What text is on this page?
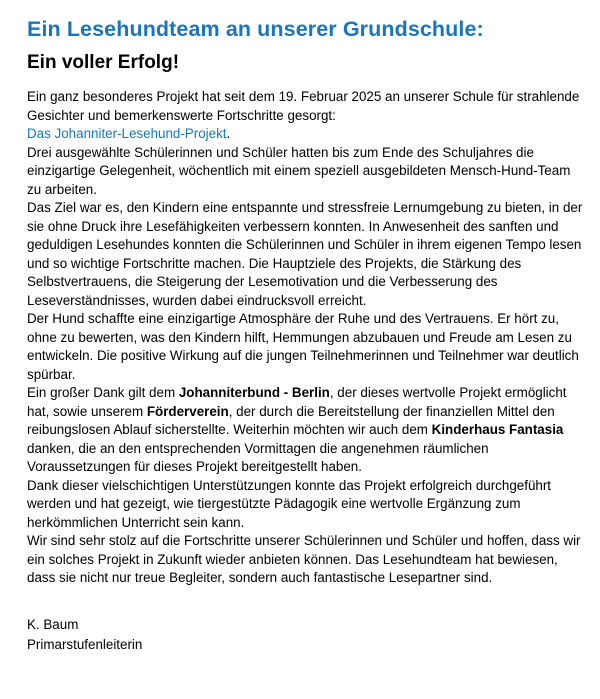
Ein Lesehundteam an unserer Grundschule:
Ein voller Erfolg!

Ein ganz besonderes Projekt hat seit dem 19. Februar 2025 an unserer Schule für strahlende Gesichter und bemerkenswerte Fortschritte gesorgt:
Das Johanniter-Lesehund-Projekt.

Drei ausgewählte Schülerinnen und Schüler hatten bis zum Ende des Schuljahres die einzigartige Gelegenheit, wöchentlich mit einem speziell ausgebildeten Mensch-Hund-Team zu arbeiten.

Das Ziel war es, den Kindern eine entspannte und stressfreie Lernumgebung zu bieten, in der sie ohne Druck ihre Lesefähigkeiten verbessern konnten. In Anwesenheit des sanften und geduldigen Lesehundes konnten die Schülerinnen und Schüler in ihrem eigenen Tempo lesen und so wichtige Fortschritte machen. Die Hauptziele des Projekts, die Stärkung des Selbstvertrauens, die Steigerung der Lesemotivation und die Verbesserung des Leseverständnisses, wurden dabei eindrucksvoll erreicht.

Der Hund schaffte eine einzigartige Atmosphäre der Ruhe und des Vertrauens. Er hört zu, ohne zu bewerten, was den Kindern hilft, Hemmungen abzubauen und Freude am Lesen zu entwickeln. Die positive Wirkung auf die jungen Teilnehmerinnen und Teilnehmer war deutlich spürbar.

Ein großer Dank gilt dem Johanniterbund - Berlin, der dieses wertvolle Projekt ermöglicht hat, sowie unserem Förderverein, der durch die Bereitstellung der finanziellen Mittel den reibungslosen Ablauf sicherstellte. Weiterhin möchten wir auch dem Kinderhaus Fantasia danken, die an den entsprechenden Vormittagen die angenehmen räumlichen Voraussetzungen für dieses Projekt bereitgestellt haben.

Dank dieser vielschichtigen Unterstützungen konnte das Projekt erfolgreich durchgeführt werden und hat gezeigt, wie tiergestützte Pädagogik eine wertvolle Ergänzung zum herkömmlichen Unterricht sein kann.

Wir sind sehr stolz auf die Fortschritte unserer Schülerinnen und Schüler und hoffen, dass wir ein solches Projekt in Zukunft wieder anbieten können. Das Lesehundteam hat bewiesen, dass sie nicht nur treue Begleiter, sondern auch fantastische Lesepartner sind.

K. Baum

Primarstufenleiterin
